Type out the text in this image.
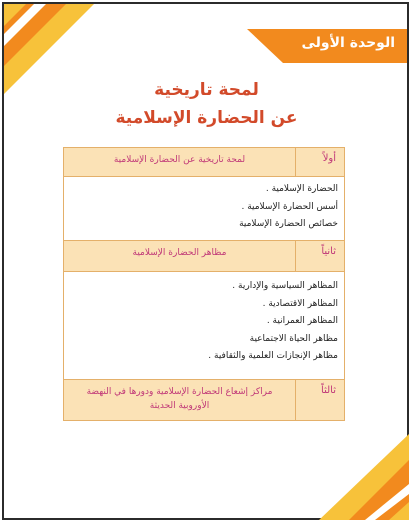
الوحدة الأولى
لمحة تاريخية
عن الحضارة الإسلامية
أولاً
لمحة تاريخية عن الحضارة الإسلامية
الحضارة الإسلامية .
أسس الحضارة الإسلامية .
خصائص الحضارة الإسلامية
ثانياً
مظاهر الحضارة الإسلامية
المظاهر السياسية والإدارية .
المظاهر الاقتصادية .
المظاهر العمرانية .
مظاهر الحياة الاجتماعية
مظاهر الإنجازات العلمية والثقافية .
ثالثاً
مراكز إشعاع الحضارة الإسلامية ودورها في النهضة الأوروبية الحديثة
